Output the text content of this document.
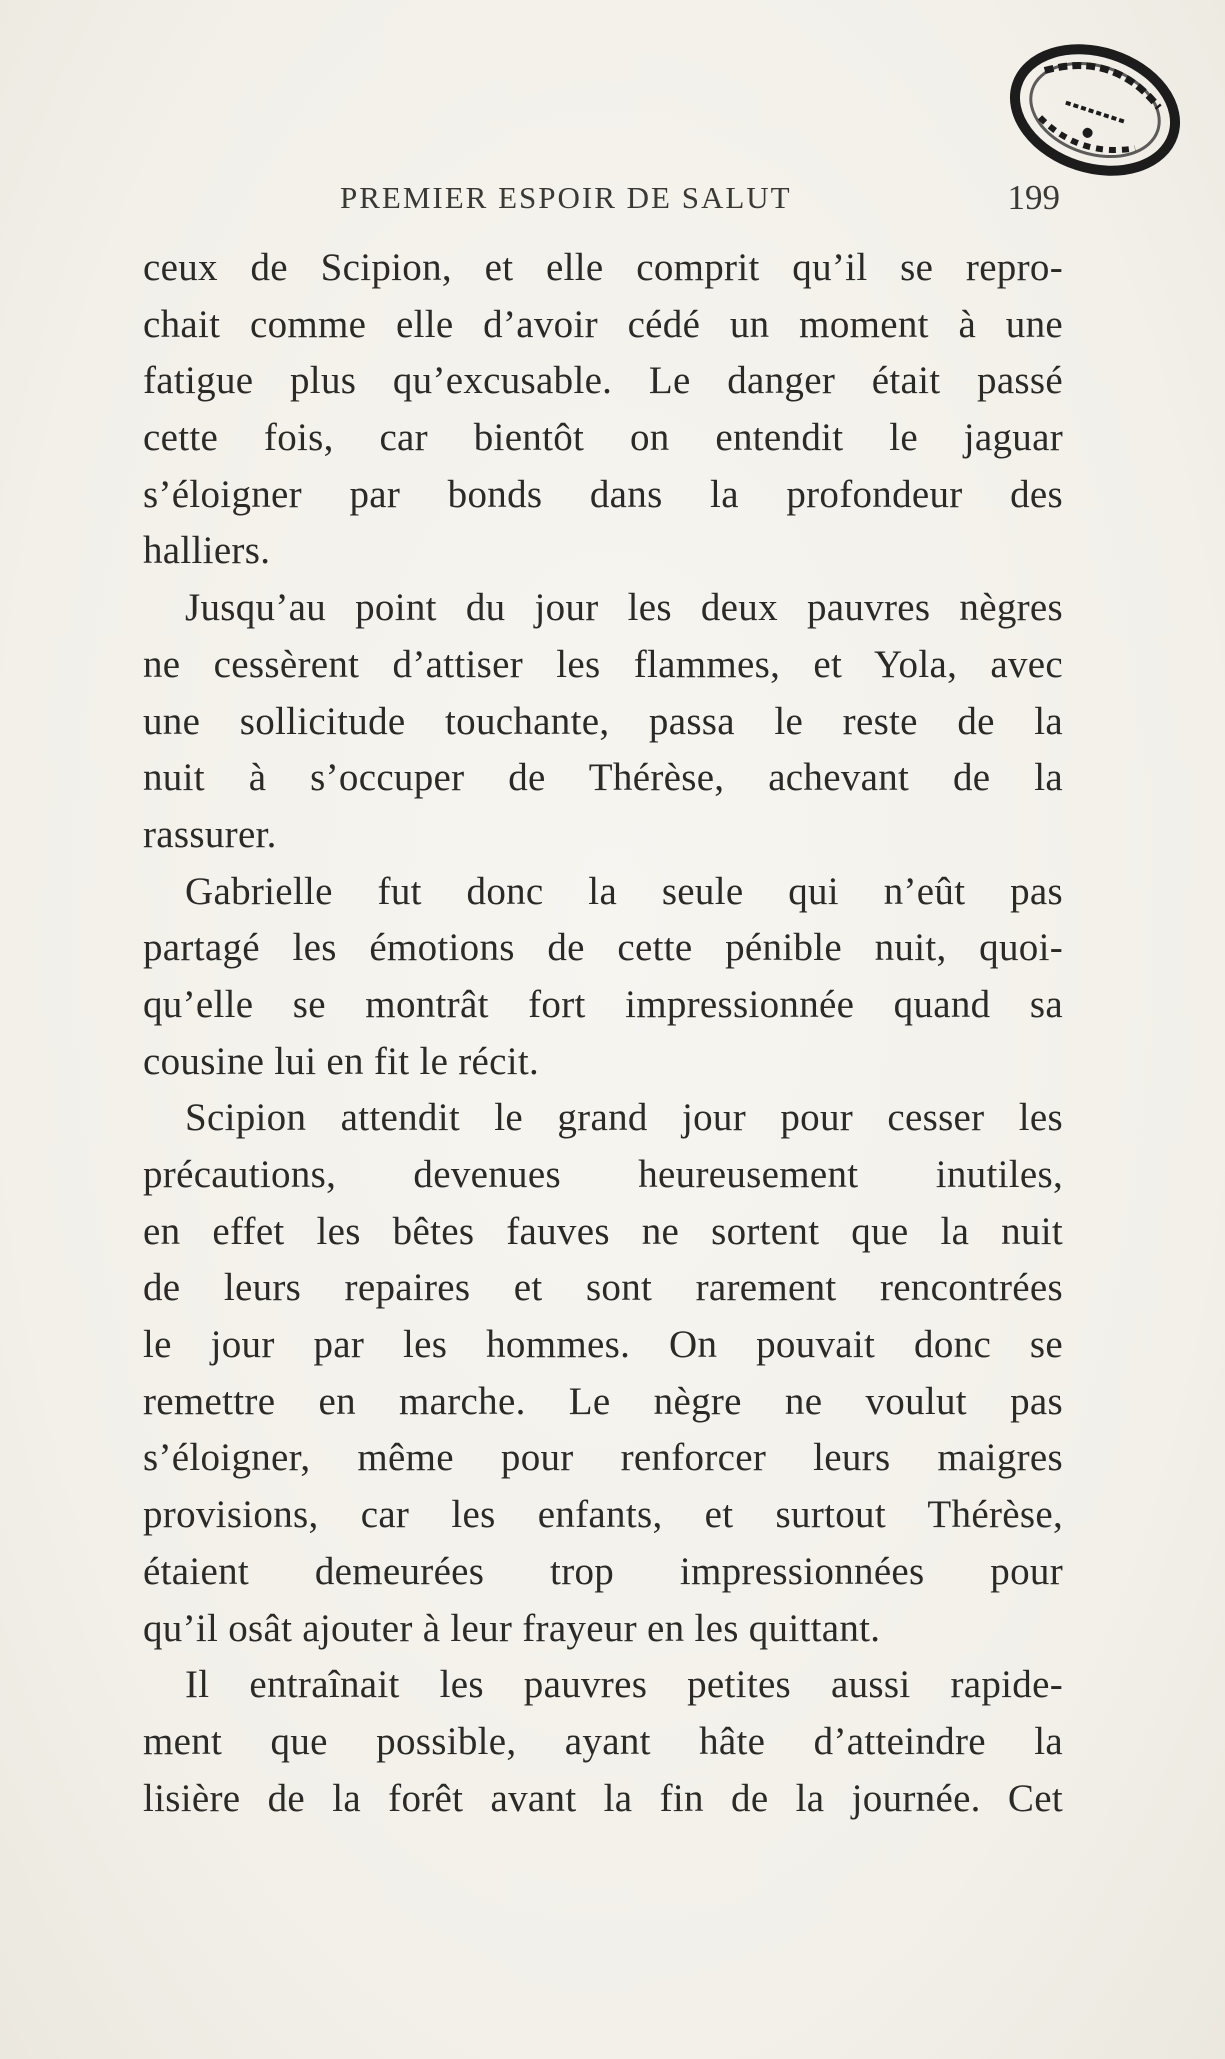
PREMIER ESPOIR DE SALUT	199
ceux de Scipion, et elle comprit qu’il se repro-
chait comme elle d’avoir cédé un moment à une
fatigue plus qu’excusable. Le danger était passé
cette fois, car bientôt on entendit le jaguar
s’éloigner par bonds dans la profondeur des
halliers.
Jusqu’au point du jour les deux pauvres nègres
ne cessèrent d’attiser les flammes, et Yola, avec
une sollicitude touchante, passa le reste de la
nuit à s’occuper de Thérèse, achevant de la
rassurer.
Gabrielle fut donc la seule qui n’eût pas
partagé les émotions de cette pénible nuit, quoi-
qu’elle se montrât fort impressionnée quand sa
cousine lui en fit le récit.
Scipion attendit le grand jour pour cesser les
précautions, devenues heureusement inutiles,
en effet les bêtes fauves ne sortent que la nuit
de leurs repaires et sont rarement rencontrées
le jour par les hommes. On pouvait donc se
remettre en marche. Le nègre ne voulut pas
s’éloigner, même pour renforcer leurs maigres
provisions, car les enfants, et surtout Thérèse,
étaient demeurées trop impressionnées pour
qu’il osât ajouter à leur frayeur en les quittant.
Il entraînait les pauvres petites aussi rapide-
ment que possible, ayant hâte d’atteindre la
lisière de la forêt avant la fin de la journée. Cet
